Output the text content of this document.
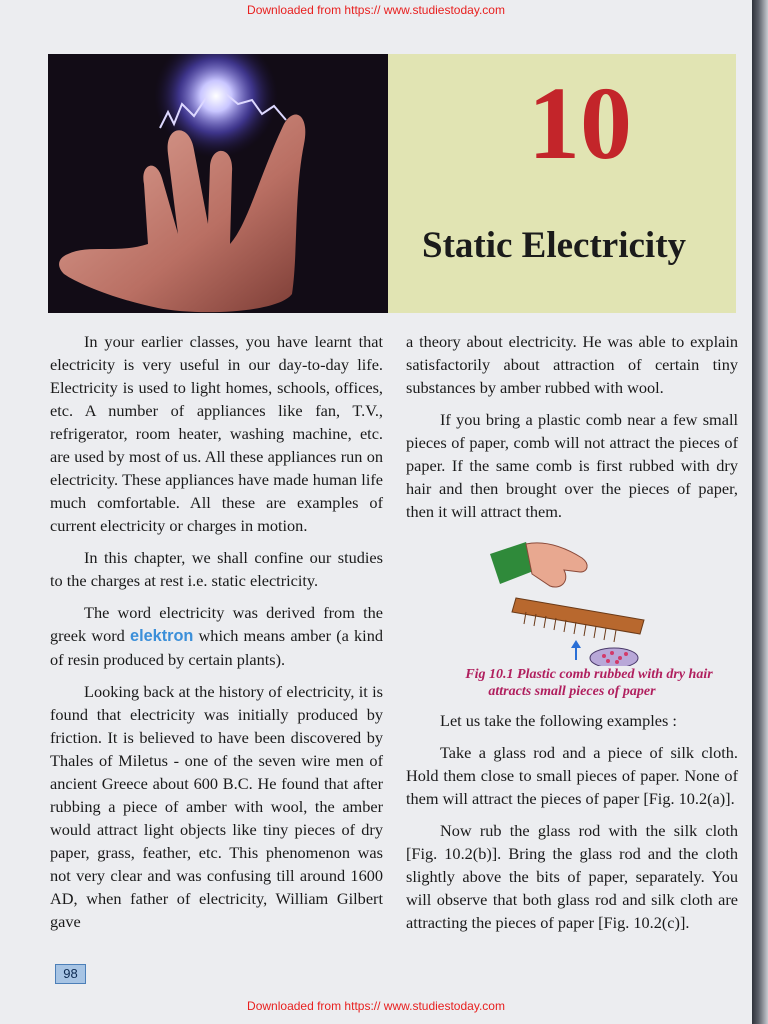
Downloaded from https:// www.studiestoday.com
10
Static Electricity

In your earlier classes, you have learnt that electricity is very useful in our day-to-day life. Electricity is used to light homes, schools, offices, etc. A number of appliances like fan, T.V., refrigerator, room heater, washing machine, etc. are used by most of us. All these appliances run on electricity. These appliances have made human life much comfortable. All these are examples of current electricity or charges in motion.

In this chapter, we shall confine our studies to the charges at rest i.e. static electricity.

The word electricity was derived from the greek word elektron which means amber (a kind of resin produced by certain plants).

Looking back at the history of electricity, it is found that electricity was initially produced by friction. It is believed to have been discovered by Thales of Miletus - one of the seven wire men of ancient Greece about 600 B.C. He found that after rubbing a piece of amber with wool, the amber would attract light objects like tiny pieces of dry paper, grass, feather, etc. This phenomenon was not very clear and was confusing till around 1600 AD, when father of electricity, William Gilbert gave

a theory about electricity. He was able to explain satisfactorily about attraction of certain tiny substances by amber rubbed with wool.

If you bring a plastic comb near a few small pieces of paper, comb will not attract the pieces of paper. If the same comb is first rubbed with dry hair and then brought over the pieces of paper, then it will attract them.

Fig 10.1 Plastic comb rubbed with dry hair
attracts small pieces of paper

Let us take the following examples :

Take a glass rod and a piece of silk cloth. Hold them close to small pieces of paper. None of them will attract the pieces of paper [Fig. 10.2(a)].

Now rub the glass rod with the silk cloth [Fig. 10.2(b)]. Bring the glass rod and the cloth slightly above the bits of paper, separately. You will observe that both glass rod and silk cloth are attracting the pieces of paper [Fig. 10.2(c)].

98
Downloaded from https:// www.studiestoday.com
